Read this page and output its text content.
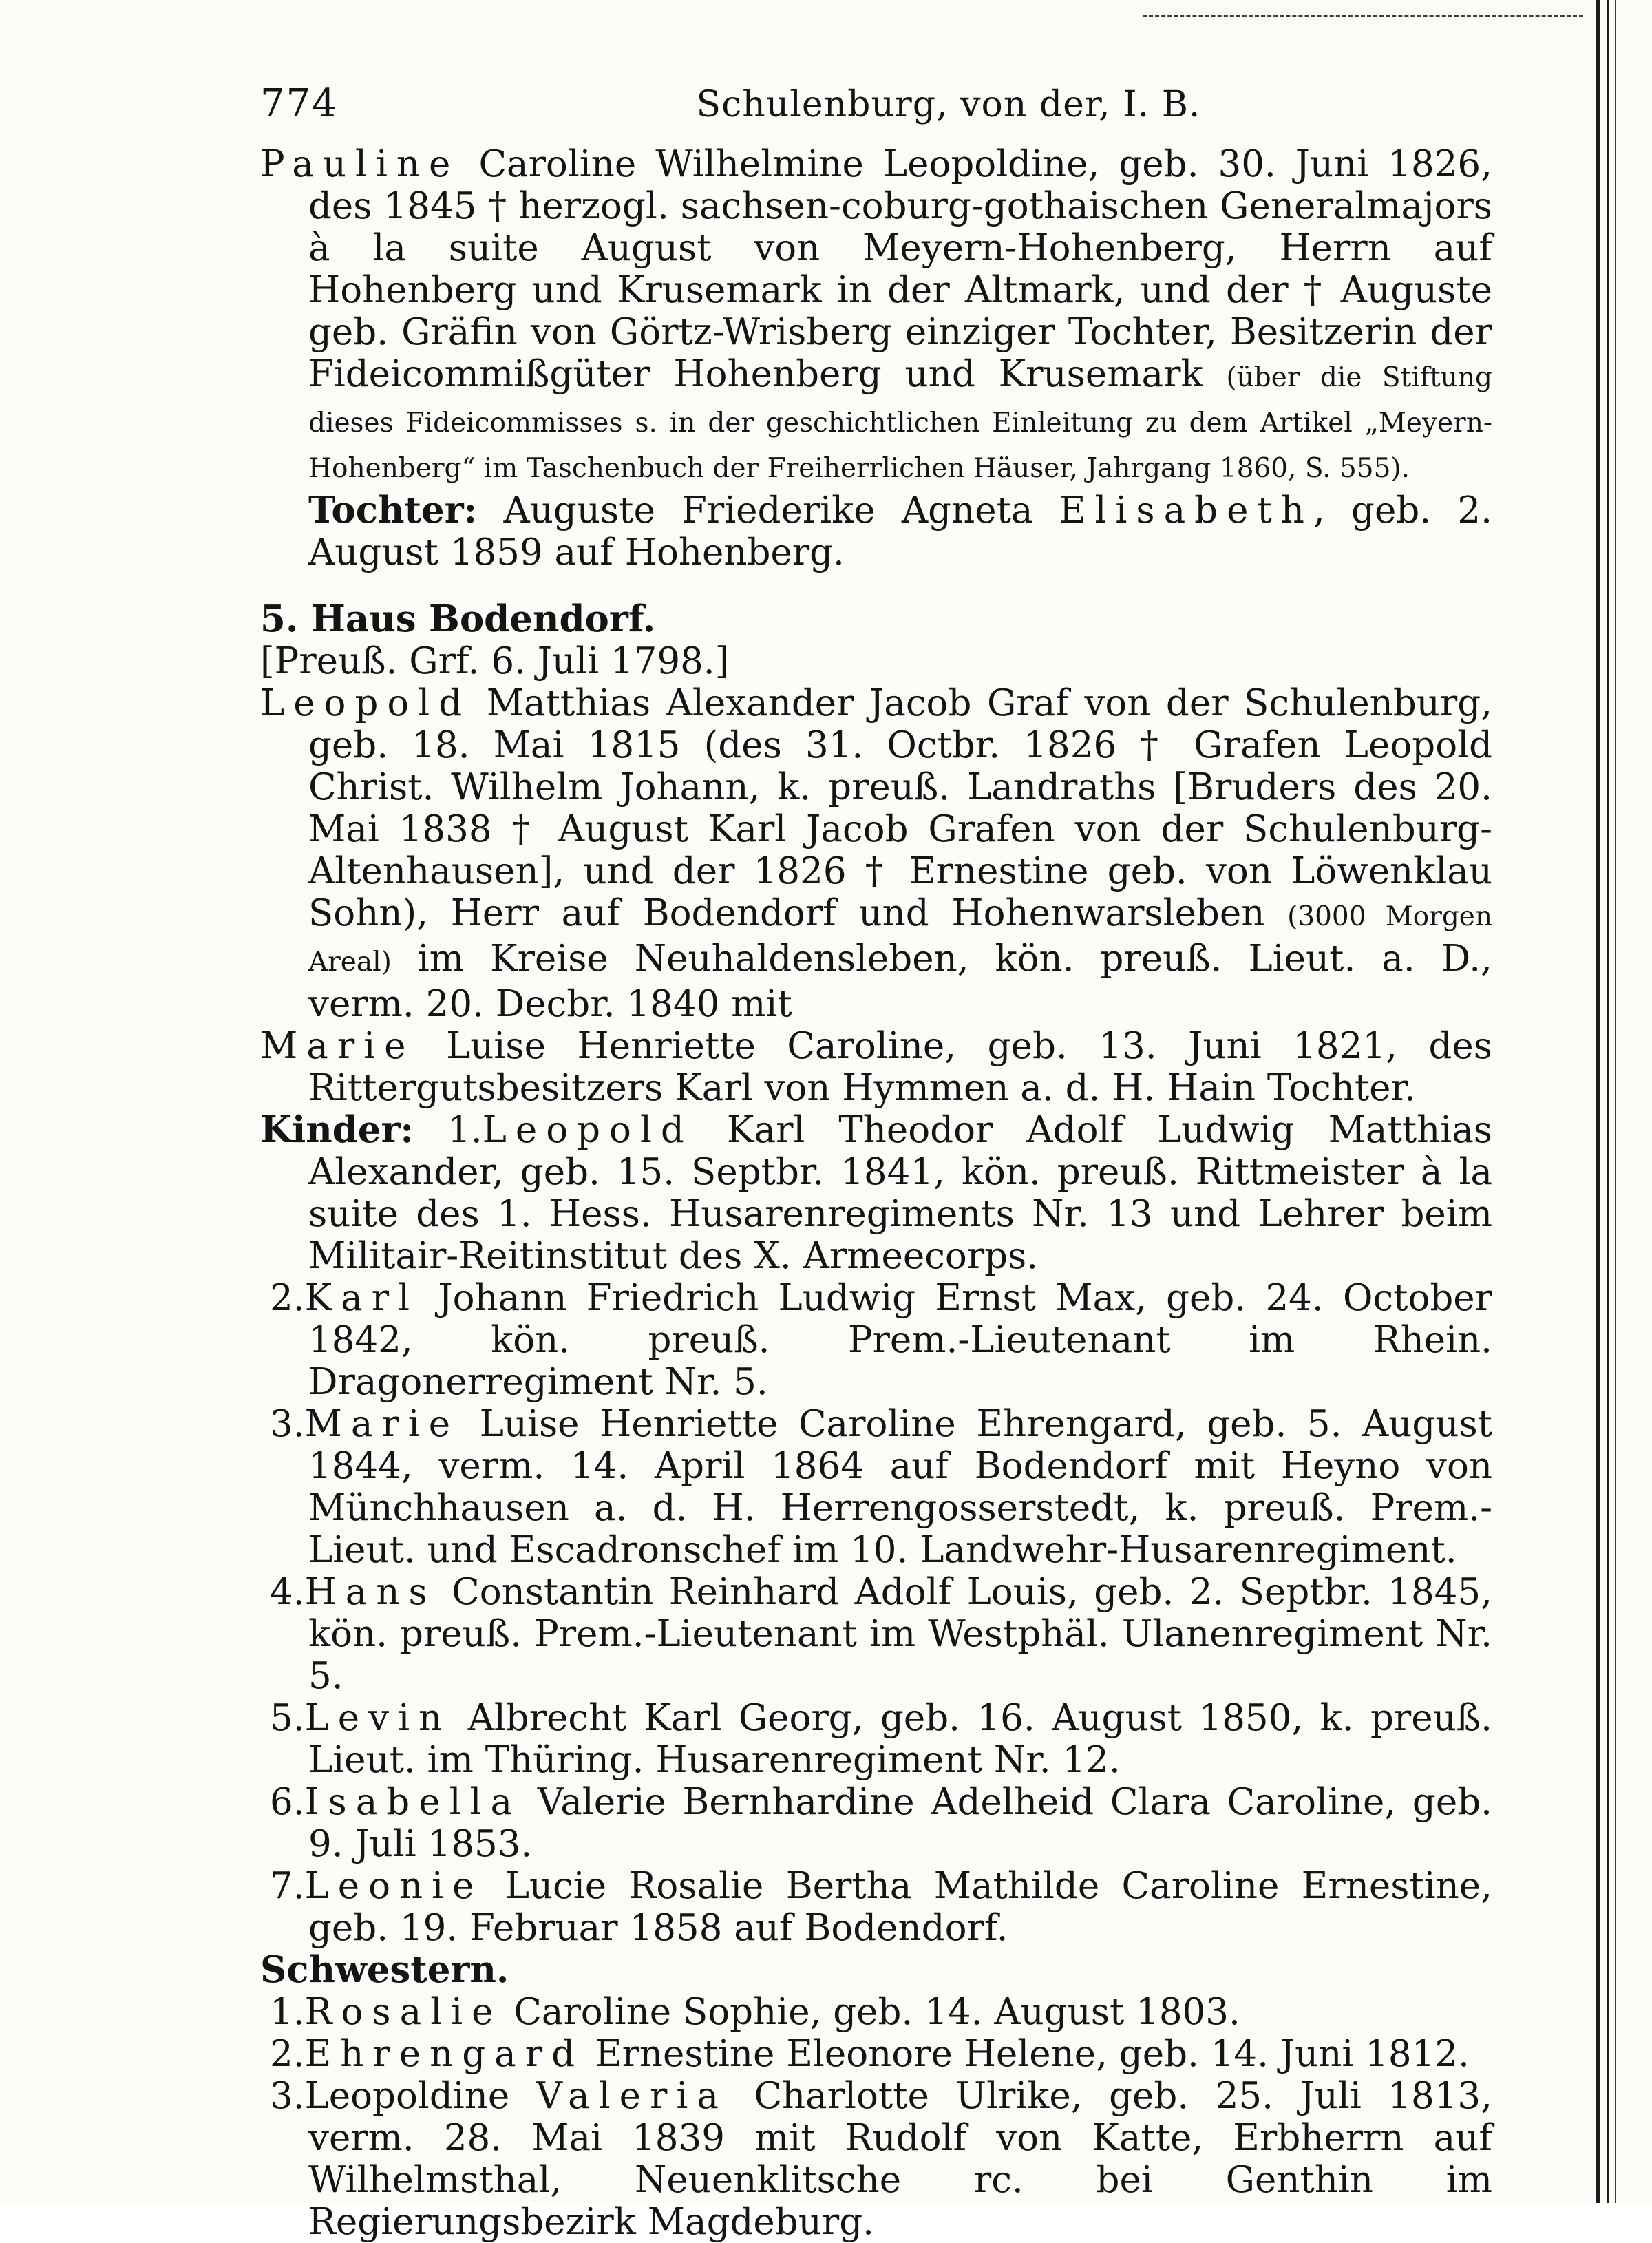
774	Schulenburg, von der, I. B.

Pauline Caroline Wilhelmine Leopoldine, geb. 30. Juni 1826, des 1845 † herzogl. sachsen-coburg-gothaischen Generalmajors à la suite August von Meyern-Hohenberg, Herrn auf Hohenberg und Krusemark in der Altmark, und der † Auguste geb. Gräfin von Görtz-Wrisberg einziger Tochter, Besitzerin der Fideicommißgüter Hohenberg und Krusemark (über die Stiftung dieses Fideicommisses s. in der geschichtlichen Einleitung zu dem Artikel „Meyern-Hohenberg“ im Taschenbuch der Freiherrlichen Häuser, Jahrgang 1860, S. 555).

Tochter: Auguste Friederike Agneta Elisabeth, geb. 2. August 1859 auf Hohenberg.

5. Haus Bodendorf.

[Preuß. Grf. 6. Juli 1798.]

Leopold Matthias Alexander Jacob Graf von der Schulenburg, geb. 18. Mai 1815 (des 31. Octbr. 1826 † Grafen Leopold Christ. Wilhelm Johann, k. preuß. Landraths [Bruders des 20. Mai 1838 † August Karl Jacob Grafen von der Schulenburg-Altenhausen], und der 1826 † Ernestine geb. von Löwenklau Sohn), Herr auf Bodendorf und Hohenwarsleben (3000 Morgen Areal) im Kreise Neuhaldensleben, kön. preuß. Lieut. a. D., verm. 20. Decbr. 1840 mit

Marie Luise Henriette Caroline, geb. 13. Juni 1821, des Rittergutsbesitzers Karl von Hymmen a. d. H. Hain Tochter.

Kinder: 1.Leopold Karl Theodor Adolf Ludwig Matthias Alexander, geb. 15. Septbr. 1841, kön. preuß. Rittmeister à la suite des 1. Hess. Husarenregiments Nr. 13 und Lehrer beim Militair-Reitinstitut des X. Armeecorps.

2.Karl Johann Friedrich Ludwig Ernst Max, geb. 24. October 1842, kön. preuß. Prem.-Lieutenant im Rhein. Dragonerregiment Nr. 5.

3.Marie Luise Henriette Caroline Ehrengard, geb. 5. August 1844, verm. 14. April 1864 auf Bodendorf mit Heyno von Münchhausen a. d. H. Herrengosserstedt, k. preuß. Prem.-Lieut. und Escadronschef im 10. Landwehr-Husarenregiment.

4.Hans Constantin Reinhard Adolf Louis, geb. 2. Septbr. 1845, kön. preuß. Prem.-Lieutenant im Westphäl. Ulanenregiment Nr. 5.

5.Levin Albrecht Karl Georg, geb. 16. August 1850, k. preuß. Lieut. im Thüring. Husarenregiment Nr. 12.

6.Isabella Valerie Bernhardine Adelheid Clara Caroline, geb. 9. Juli 1853.

7.Leonie Lucie Rosalie Bertha Mathilde Caroline Ernestine, geb. 19. Februar 1858 auf Bodendorf.

Schwestern.

1.Rosalie Caroline Sophie, geb. 14. August 1803.

2.Ehrengard Ernestine Eleonore Helene, geb. 14. Juni 1812.

3.Leopoldine Valeria Charlotte Ulrike, geb. 25. Juli 1813, verm. 28. Mai 1839 mit Rudolf von Katte, Erbherrn auf Wilhelmsthal, Neuenklitsche rc. bei Genthin im Regierungsbezirk Magdeburg.
